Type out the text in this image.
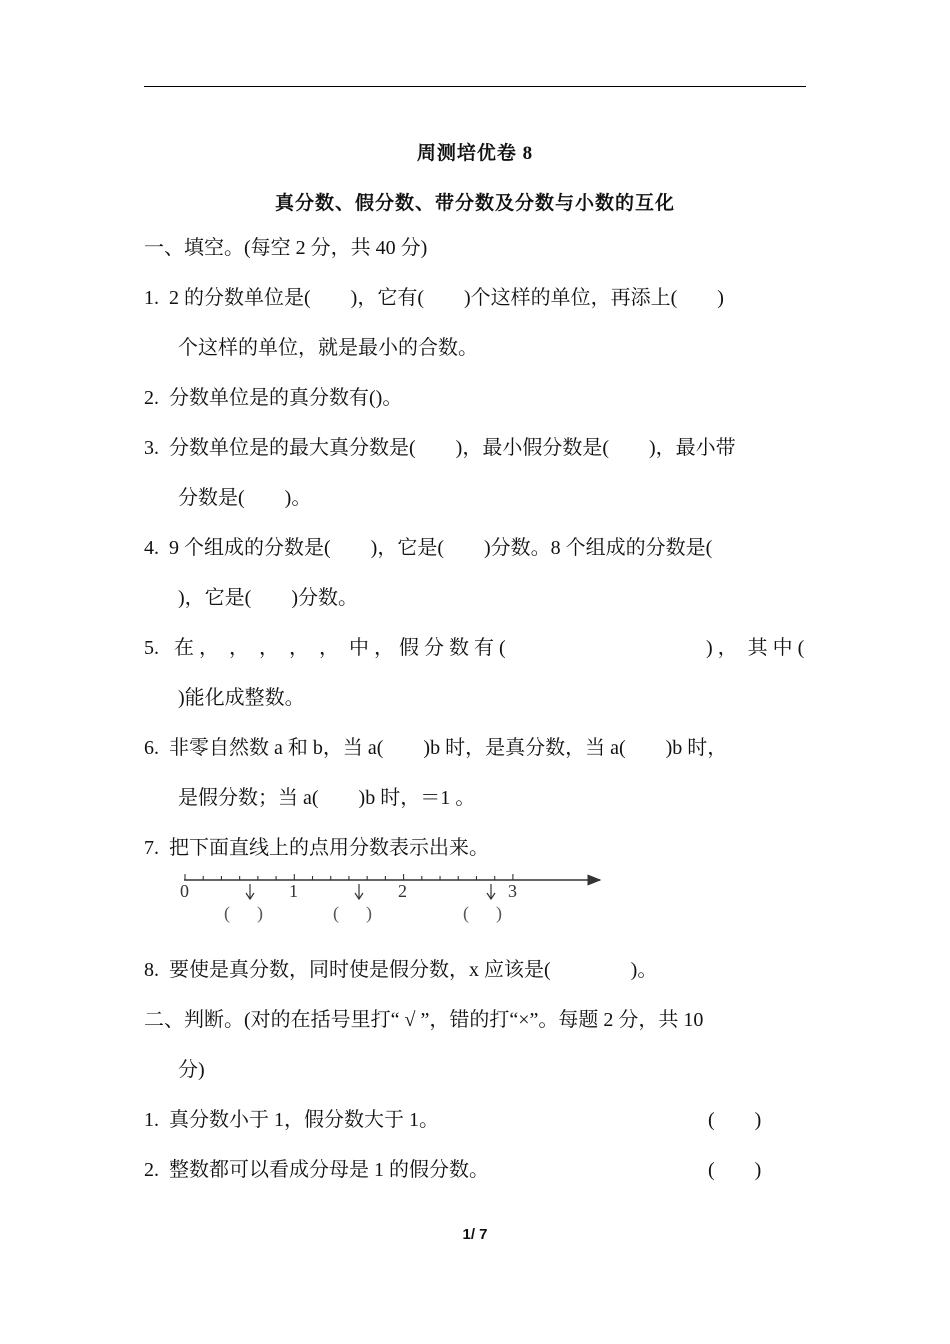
周测培优卷 8
真分数、假分数、带分数及分数与小数的互化
一、填空。(每空 2 分，共 40 分)
1.  2 的分数单位是(        )，它有(        )个这样的单位，再添上(        )
个这样的单位，就是最小的合数。
2.  分数单位是的真分数有()。
3.  分数单位是的最大真分数是(        )，最小假分数是(        )，最小带
分数是(        )。
4.  9 个组成的分数是(        )，它是(        )分数。8 个组成的分数是(
)，它是(        )分数。
5.   在 ，  ，  ，  ，  ，  中 ， 假 分 数 有 (	) ，  其 中 (
)能化成整数。
6.  非零自然数 a 和 b，当 a(        )b 时，是真分数，当 a(        )b 时，
是假分数；当 a(        )b 时，＝1 。
7.  把下面直线上的点用分数表示出来。
0	1	2	3
(      )	(      )	(      )
8.  要使是真分数，同时使是假分数，x 应该是(                )。
二、判断。(对的在括号里打“ √ ”，错的打“×”。每题 2 分，共 10
分)
1.  真分数小于 1，假分数大于 1。	(        )
2.  整数都可以看成分母是 1 的假分数。	(        )
1/ 7
